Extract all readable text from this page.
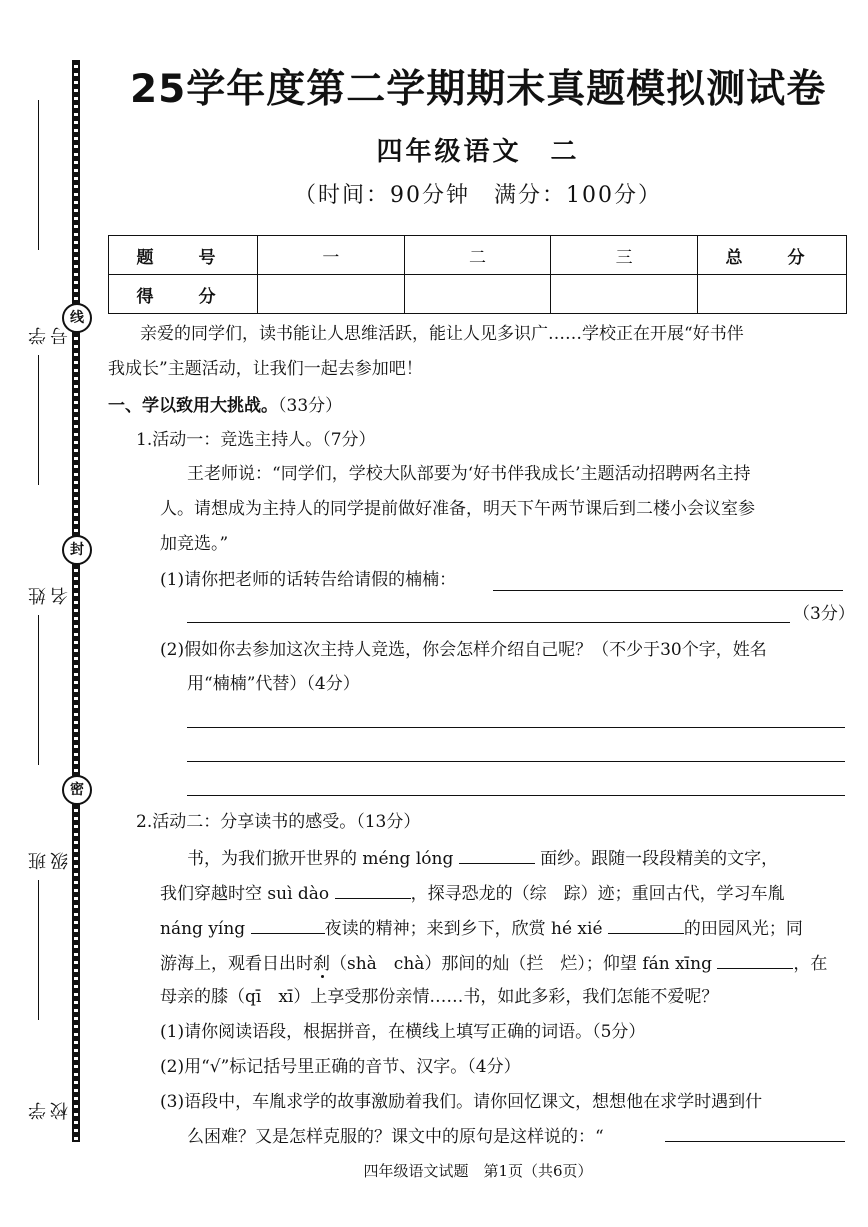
线
封
密
学　号
姓　名
班　级
学　校
25学年度第二学期期末真题模拟测试卷
四年级语文　二
（时间：90分钟　满分：100分）
题　号	一	二	三	总　分
得　分				
亲爱的同学们，读书能让人思维活跃，能让人见多识广……学校正在开展“好书伴
我成长”主题活动，让我们一起去参加吧！
一、学以致用大挑战。（33分）
1.活动一：竞选主持人。（7分）
王老师说：“同学们，学校大队部要为‘好书伴我成长’主题活动招聘两名主持
人。请想成为主持人的同学提前做好准备，明天下午两节课后到二楼小会议室参
加竞选。”
(1)请你把老师的话转告给请假的楠楠：
（3分）
(2)假如你去参加这次主持人竞选，你会怎样介绍自己呢？（不少于30个字，姓名
用“楠楠”代替）（4分）
2.活动二：分享读书的感受。（13分）
书，为我们掀开世界的 méng lóng	面纱。跟随一段段精美的文字，
我们穿越时空 suì dào	，探寻恐龙的（综　踪）迹；重回古代，学习车胤
náng yíng	夜读的精神；来到乡下，欣赏 hé xié	的田园风光；同
游海上，观看日出时刹（shà　chà）那间的灿（拦　烂）；仰望 fán xīng	，在
母亲的膝（qī　xī）上享受那份亲情……书，如此多彩，我们怎能不爱呢？
(1)请你阅读语段，根据拼音，在横线上填写正确的词语。（5分）
(2)用“√”标记括号里正确的音节、汉字。（4分）
(3)语段中，车胤求学的故事激励着我们。请你回忆课文，想想他在求学时遇到什
么困难？又是怎样克服的？课文中的原句是这样说的：“
四年级语文试题　第1页（共6页）
